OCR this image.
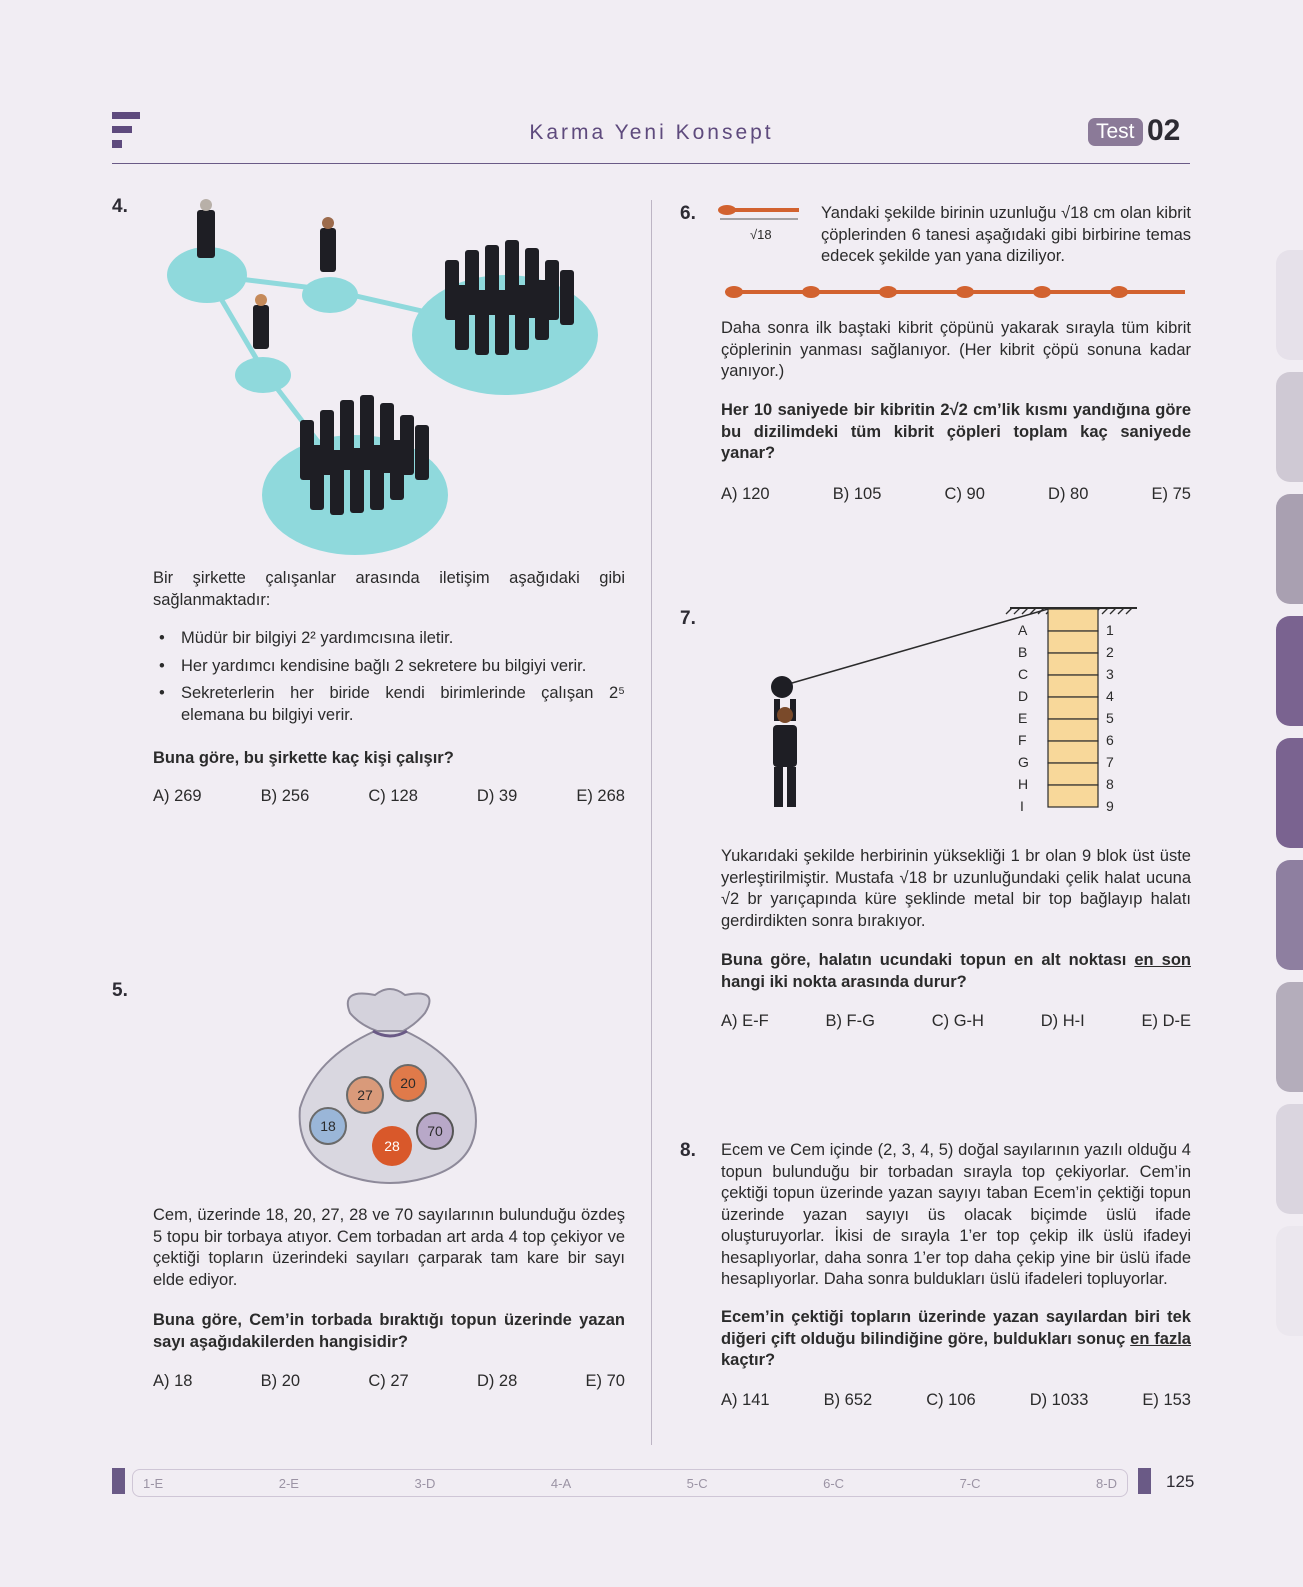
Karma Yeni Konsept	Test 02
4.
Bir şirkette çalışanlar arasında iletişim aşağıdaki gibi sağlanmaktadır:
• Müdür bir bilgiyi 2² yardımcısına iletir.
• Her yardımcı kendisine bağlı 2 sekretere bu bilgiyi verir.
• Sekreterlerin her biride kendi birimlerinde çalışan 2⁵ elemana bu bilgiyi verir.
Buna göre, bu şirkette kaç kişi çalışır?
A) 269	B) 256	C) 128	D) 39	E) 268
5.
27
20
18
28
70
Cem, üzerinde 18, 20, 27, 28 ve 70 sayılarının bulunduğu özdeş 5 topu bir torbaya atıyor. Cem torbadan art arda 4 top çekiyor ve çektiği topların üzerindeki sayıları çarparak tam kare bir sayı elde ediyor.
Buna göre, Cem’in torbada bıraktığı topun üzerinde yazan sayı aşağıdakilerden hangisidir?
A) 18	B) 20	C) 27	D) 28	E) 70
6.
√18
Yandaki şekilde birinin uzunluğu √18 cm olan kibrit çöplerinden 6 tanesi aşağıdaki gibi birbirine temas edecek şekilde yan yana diziliyor.
Daha sonra ilk baştaki kibrit çöpünü yakarak sırayla tüm kibrit çöplerinin yanması sağlanıyor. (Her kibrit çöpü sonuna kadar yanıyor.)
Her 10 saniyede bir kibritin 2√2 cm’lik kısmı yandığına göre bu dizilimdeki tüm kibrit çöpleri toplam kaç saniyede yanar?
A) 120	B) 105	C) 90	D) 80	E) 75
7.
A
B
C
D
E
F
G
H
I
1
2
3
4
5
6
7
8
9
Yukarıdaki şekilde herbirinin yüksekliği 1 br olan 9 blok üst üste yerleştirilmiştir. Mustafa √18 br uzunluğundaki çelik halat ucuna √2 br yarıçapında küre şeklinde metal bir top bağlayıp halatı gerdirdikten sonra bırakıyor.
Buna göre, halatın ucundaki topun en alt noktası en son hangi iki nokta arasında durur?
A) E-F	B) F-G	C) G-H	D) H-I	E) D-E
8. Ecem ve Cem içinde (2, 3, 4, 5) doğal sayılarının yazılı olduğu 4 topun bulunduğu bir torbadan sırayla top çekiyorlar. Cem’in çektiği topun üzerinde yazan sayıyı taban Ecem’in çektiği topun üzerinde yazan sayıyı üs olacak biçimde üslü ifade oluşturuyorlar. İkisi de sırayla 1’er top çekip ilk üslü ifadeyi hesaplıyorlar, daha sonra 1’er top daha çekip yine bir üslü ifade hesaplıyorlar. Daha sonra buldukları üslü ifadeleri topluyorlar.
Ecem’in çektiği topların üzerinde yazan sayılardan biri tek diğeri çift olduğu bilindiğine göre, buldukları sonuç en fazla kaçtır?
A) 141	B) 652	C) 106	D) 1033	E) 153
1-E	2-E	3-D	4-A	5-C	6-C	7-C	8-D	125
